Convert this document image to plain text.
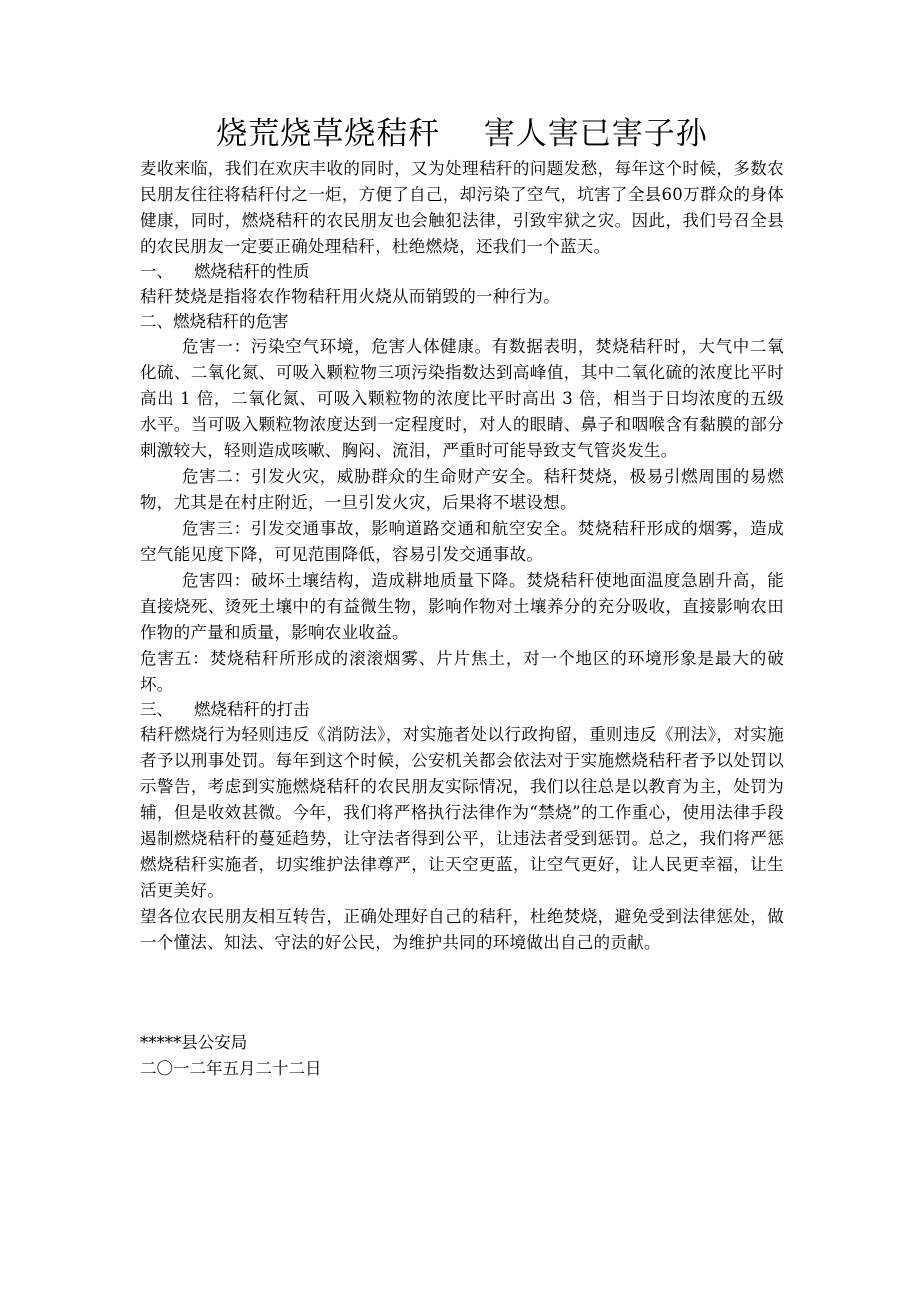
烧荒烧草烧秸秆    害人害已害子孙

麦收来临，我们在欢庆丰收的同时，又为处理秸秆的问题发愁，每年这个时候，多数农民朋友往往将秸秆付之一炬，方便了自己，却污染了空气，坑害了全县60万群众的身体健康，同时，燃烧秸秆的农民朋友也会触犯法律，引致牢狱之灾。因此，我们号召全县的农民朋友一定要正确处理秸秆，杜绝燃烧，还我们一个蓝天。

一、    燃烧秸秆的性质

秸秆焚烧是指将农作物秸秆用火烧从而销毁的一种行为。

二、燃烧秸秆的危害

危害一：污染空气环境，危害人体健康。有数据表明，焚烧秸秆时，大气中二氧化硫、二氧化氮、可吸入颗粒物三项污染指数达到高峰值，其中二氧化硫的浓度比平时高出 1 倍，二氧化氮、可吸入颗粒物的浓度比平时高出 3 倍，相当于日均浓度的五级水平。当可吸入颗粒物浓度达到一定程度时，对人的眼睛、鼻子和咽喉含有黏膜的部分刺激较大，轻则造成咳嗽、胸闷、流泪，严重时可能导致支气管炎发生。

危害二：引发火灾，威胁群众的生命财产安全。秸秆焚烧，极易引燃周围的易燃物，尤其是在村庄附近，一旦引发火灾，后果将不堪设想。

危害三：引发交通事故，影响道路交通和航空安全。焚烧秸秆形成的烟雾，造成空气能见度下降，可见范围降低，容易引发交通事故。

危害四：破坏土壤结构，造成耕地质量下降。焚烧秸秆使地面温度急剧升高，能直接烧死、烫死土壤中的有益微生物，影响作物对土壤养分的充分吸收，直接影响农田作物的产量和质量，影响农业收益。

危害五：焚烧秸秆所形成的滚滚烟雾、片片焦土，对一个地区的环境形象是最大的破坏。

三、    燃烧秸秆的打击

秸秆燃烧行为轻则违反《消防法》，对实施者处以行政拘留，重则违反《刑法》，对实施者予以刑事处罚。每年到这个时候，公安机关都会依法对于实施燃烧秸秆者予以处罚以示警告，考虑到实施燃烧秸秆的农民朋友实际情况，我们以往总是以教育为主，处罚为辅，但是收效甚微。今年，我们将严格执行法律作为“禁烧”的工作重心，使用法律手段遏制燃烧秸秆的蔓延趋势，让守法者得到公平，让违法者受到惩罚。总之，我们将严惩燃烧秸秆实施者，切实维护法律尊严，让天空更蓝，让空气更好，让人民更幸福，让生活更美好。

望各位农民朋友相互转告，正确处理好自己的秸秆，杜绝焚烧，避免受到法律惩处，做一个懂法、知法、守法的好公民，为维护共同的环境做出自己的贡献。

*****县公安局

二〇一二年五月二十二日
